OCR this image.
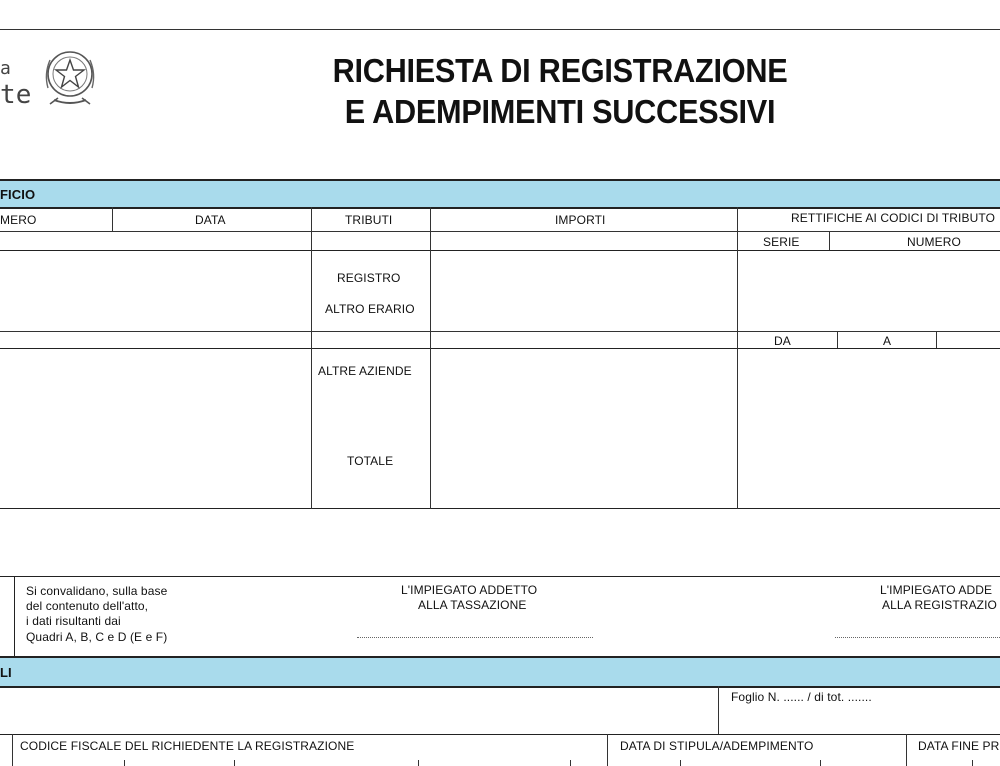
a
te
RICHIESTA DI REGISTRAZIONE
E ADEMPIMENTI SUCCESSIVI
FICIO
MERO	DATA	TRIBUTI	IMPORTI	RETTIFICHE AI CODICI DI TRIBUTO
SERIE	NUMERO
REGISTRO
ALTRO ERARIO
DA	A
ALTRE AZIENDE
TOTALE
Si convalidano, sulla base
del contenuto dell'atto,
i dati risultanti dai
Quadri A, B, C e D (E e F)
L'IMPIEGATO ADDETTO
ALLA TASSAZIONE
L'IMPIEGATO ADDE
ALLA REGISTRAZIO
LI
Foglio N. ...... / di tot. .......
CODICE FISCALE DEL RICHIEDENTE LA REGISTRAZIONE	DATA DI STIPULA/ADEMPIMENTO	DATA FINE PR
